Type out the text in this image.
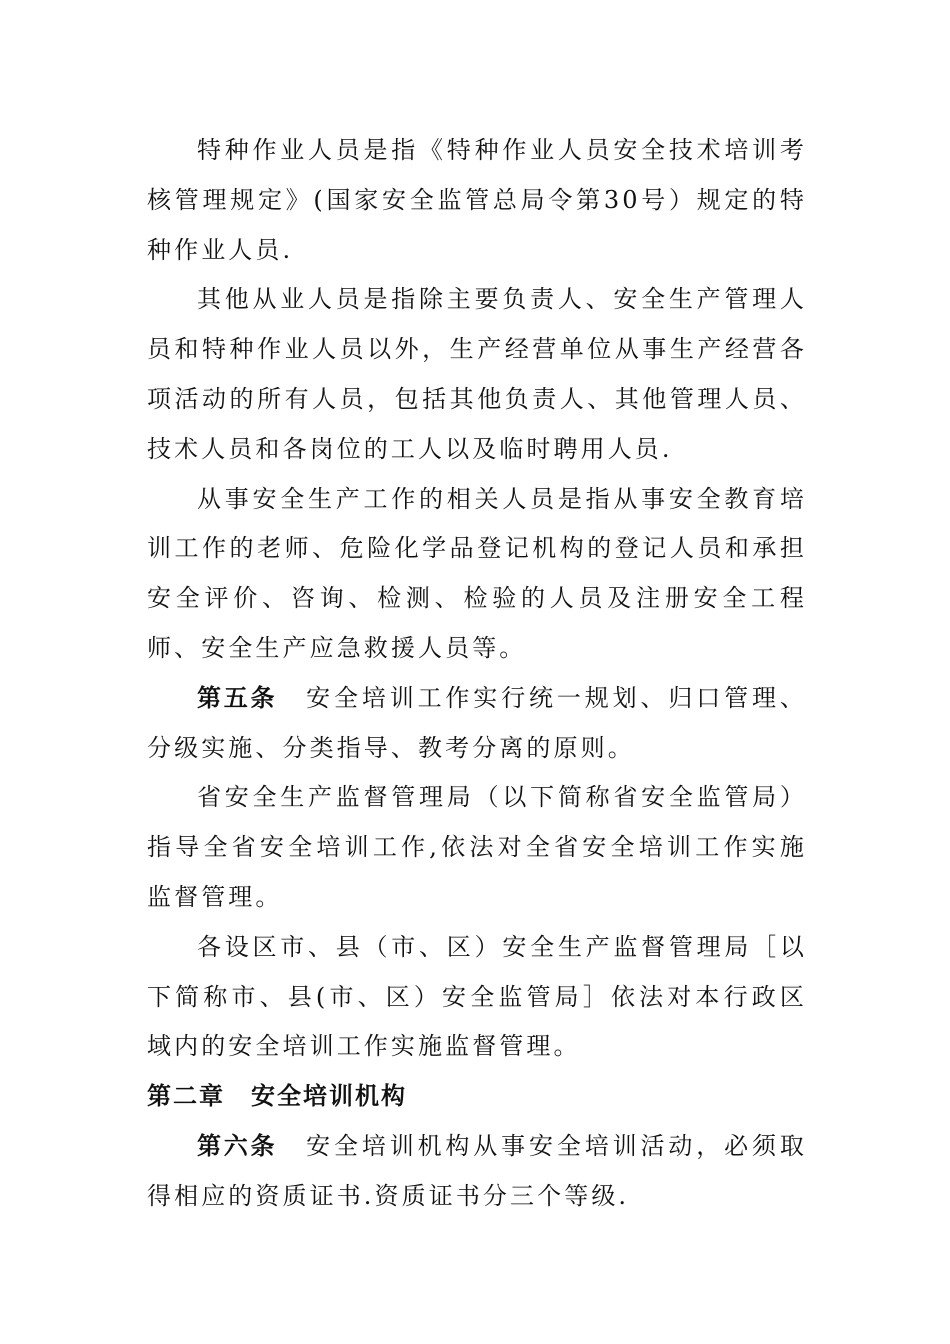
特种作业人员是指《特种作业人员安全技术培训考核管理规定》(国家安全监管总局令第30号）规定的特种作业人员.

其他从业人员是指除主要负责人、安全生产管理人员和特种作业人员以外，生产经营单位从事生产经营各项活动的所有人员，包括其他负责人、其他管理人员、技术人员和各岗位的工人以及临时聘用人员.

从事安全生产工作的相关人员是指从事安全教育培训工作的老师、危险化学品登记机构的登记人员和承担安全评价、咨询、检测、检验的人员及注册安全工程师、安全生产应急救援人员等。

第五条 安全培训工作实行统一规划、归口管理、分级实施、分类指导、教考分离的原则。

省安全生产监督管理局（以下简称省安全监管局）指导全省安全培训工作,依法对全省安全培训工作实施监督管理。

各设区市、县（市、区）安全生产监督管理局［以下简称市、县(市、区）安全监管局］依法对本行政区域内的安全培训工作实施监督管理。

第二章 安全培训机构

第六条 安全培训机构从事安全培训活动，必须取得相应的资质证书.资质证书分三个等级.
